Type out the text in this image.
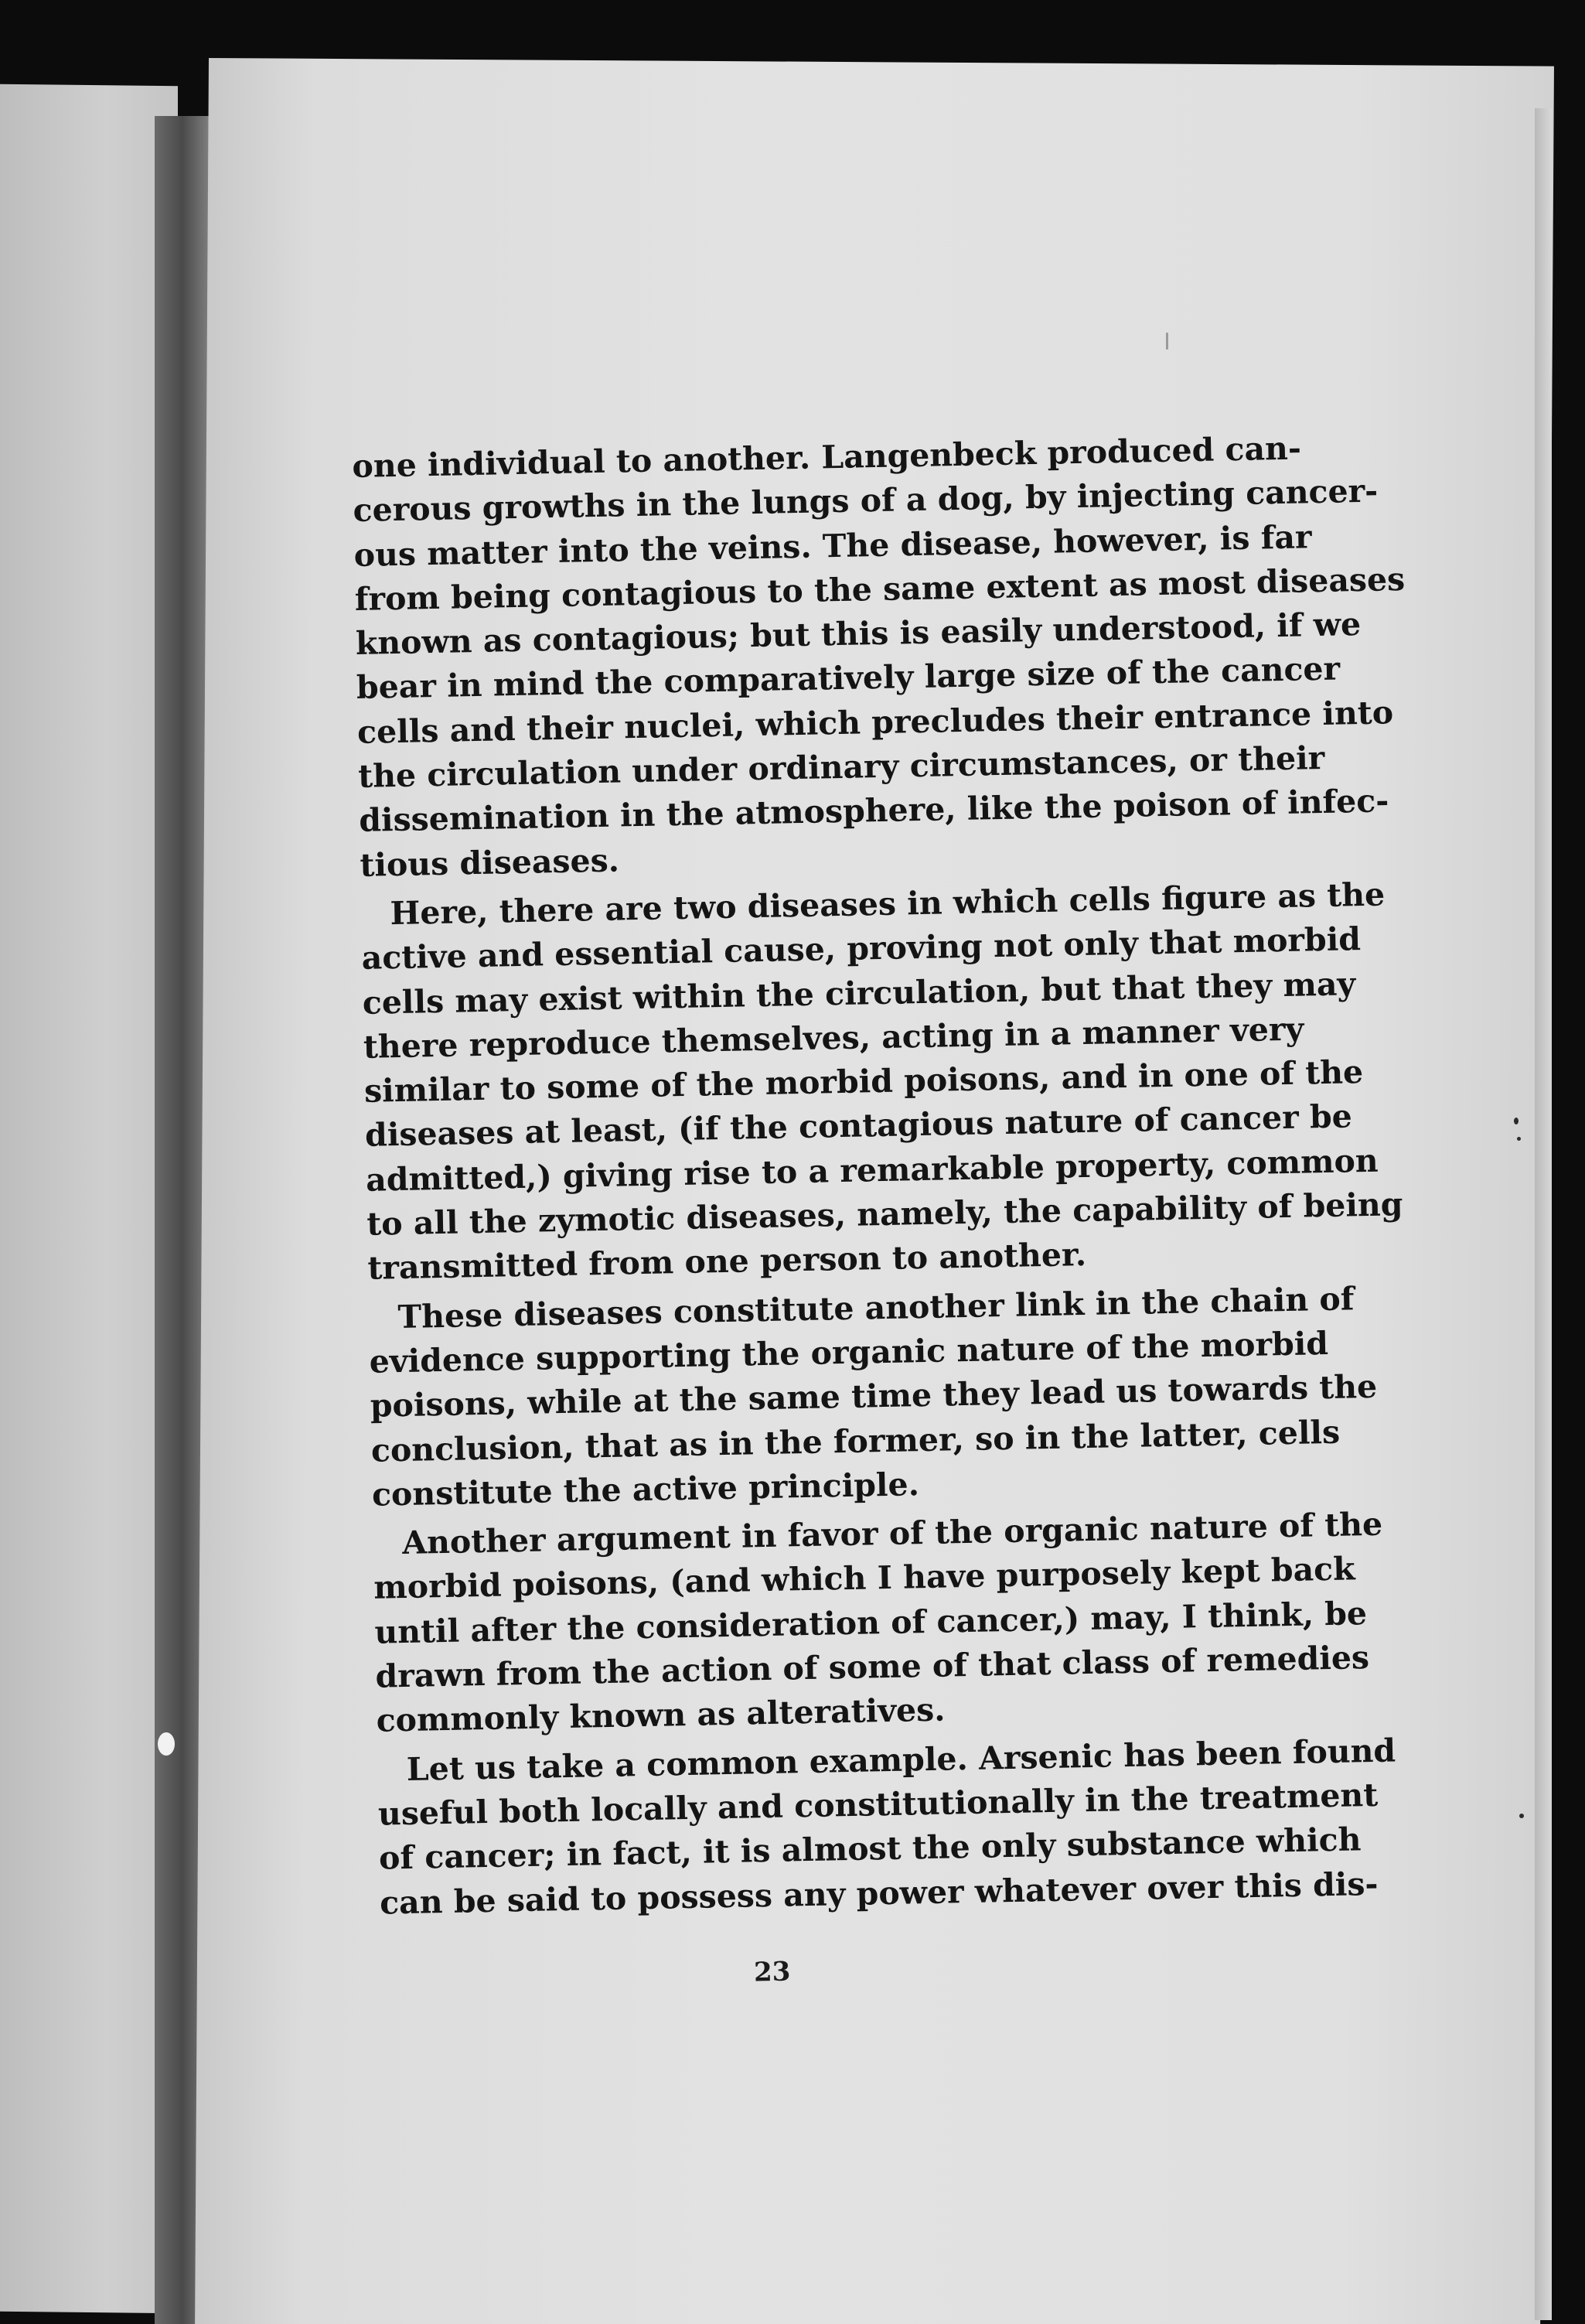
one individual to another. Langenbeck produced can-
cerous growths in the lungs of a dog, by injecting cancer-
ous matter into the veins. The disease, however, is far
from being contagious to the same extent as most diseases
known as contagious; but this is easily understood, if we
bear in mind the comparatively large size of the cancer
cells and their nuclei, which precludes their entrance into
the circulation under ordinary circumstances, or their
dissemination in the atmosphere, like the poison of infec-
tious diseases.
Here, there are two diseases in which cells figure as the
active and essential cause, proving not only that morbid
cells may exist within the circulation, but that they may
there reproduce themselves, acting in a manner very
similar to some of the morbid poisons, and in one of the
diseases at least, (if the contagious nature of cancer be
admitted,) giving rise to a remarkable property, common
to all the zymotic diseases, namely, the capability of being
transmitted from one person to another.
These diseases constitute another link in the chain of
evidence supporting the organic nature of the morbid
poisons, while at the same time they lead us towards the
conclusion, that as in the former, so in the latter, cells
constitute the active principle.
Another argument in favor of the organic nature of the
morbid poisons, (and which I have purposely kept back
until after the consideration of cancer,) may, I think, be
drawn from the action of some of that class of remedies
commonly known as alteratives.
Let us take a common example. Arsenic has been found
useful both locally and constitutionally in the treatment
of cancer; in fact, it is almost the only substance which
can be said to possess any power whatever over this dis-
23
